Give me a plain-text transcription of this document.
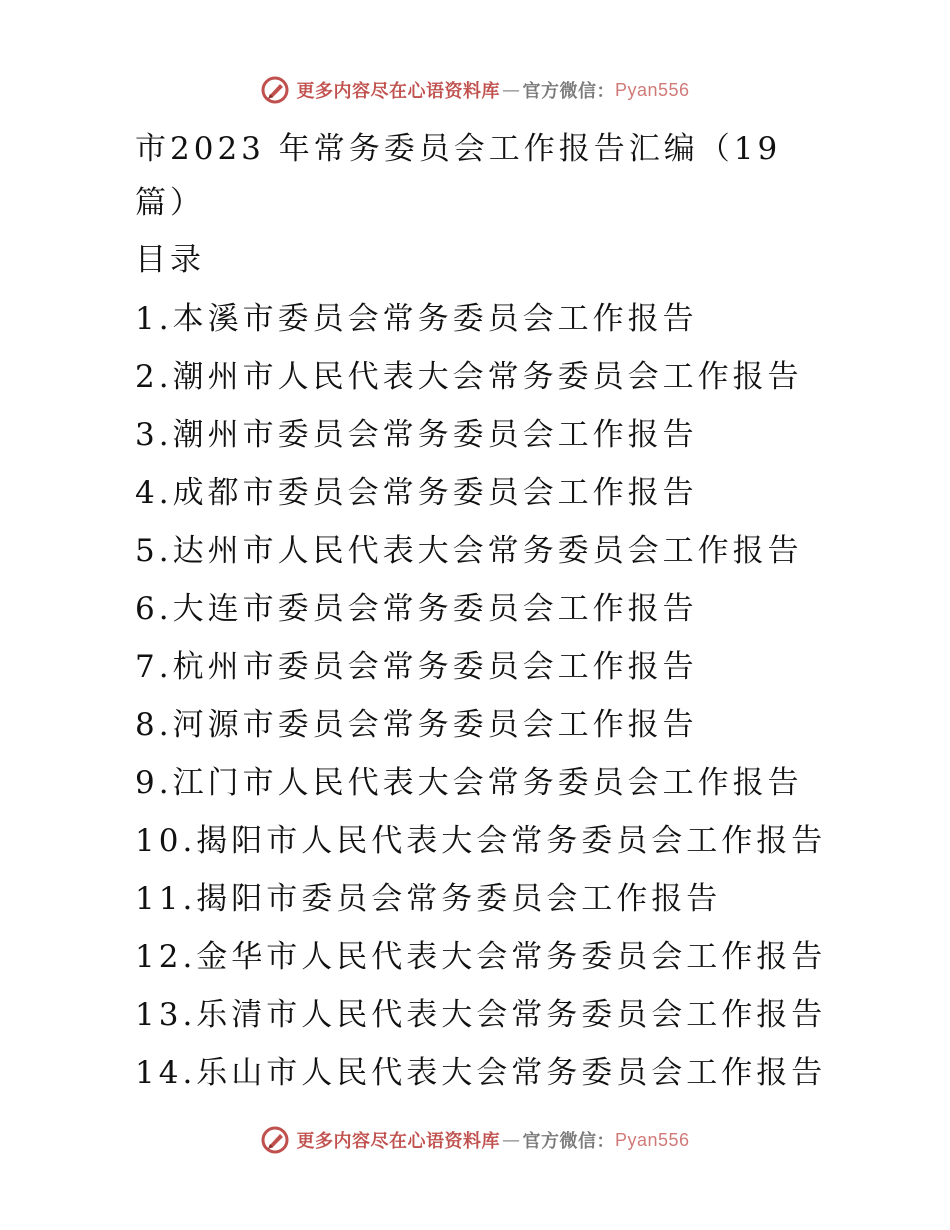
更多内容尽在心语资料库 — 官方微信： Pyan556
市2023 年常务委员会工作报告汇编（19篇）
目录
1.本溪市委员会常务委员会工作报告
2.潮州市人民代表大会常务委员会工作报告
3.潮州市委员会常务委员会工作报告
4.成都市委员会常务委员会工作报告
5.达州市人民代表大会常务委员会工作报告
6.大连市委员会常务委员会工作报告
7.杭州市委员会常务委员会工作报告
8.河源市委员会常务委员会工作报告
9.江门市人民代表大会常务委员会工作报告
10.揭阳市人民代表大会常务委员会工作报告
11.揭阳市委员会常务委员会工作报告
12.金华市人民代表大会常务委员会工作报告
13.乐清市人民代表大会常务委员会工作报告
14.乐山市人民代表大会常务委员会工作报告
更多内容尽在心语资料库 — 官方微信： Pyan556
